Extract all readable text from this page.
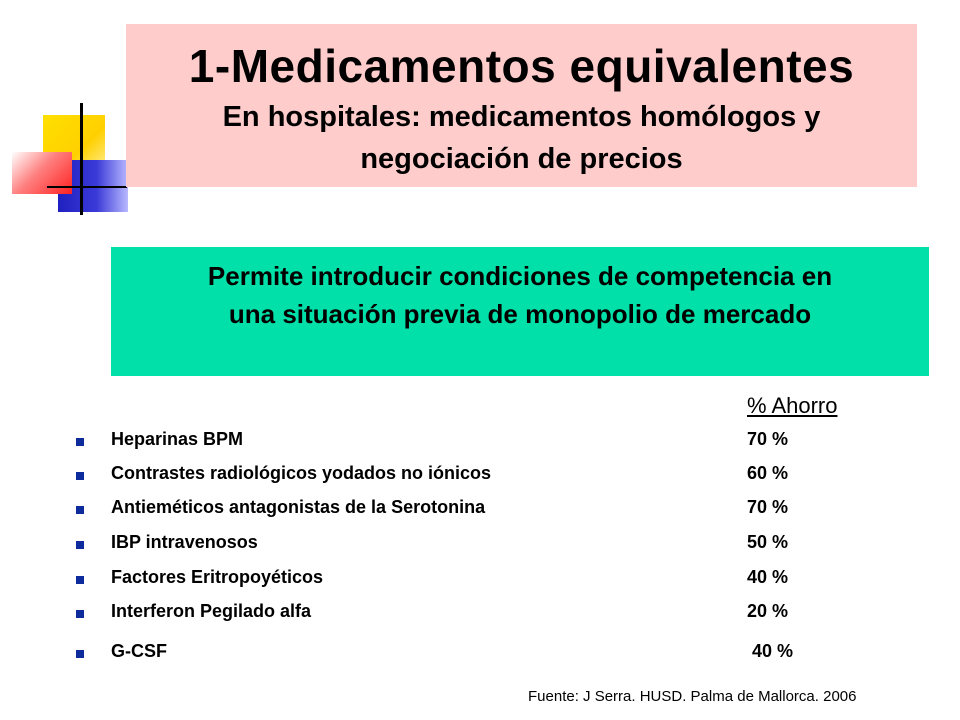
1-Medicamentos equivalentes
En hospitales: medicamentos homólogos y
negociación de precios
Permite introducir condiciones de competencia en
una situación previa de monopolio de mercado
% Ahorro
Heparinas BPM	70 %
Contrastes radiológicos yodados no iónicos	60 %
Antieméticos antagonistas de la Serotonina	70 %
IBP intravenosos	50 %
Factores Eritropoyéticos	40 %
Interferon Pegilado alfa	20 %
G-CSF	40 %
Fuente: J Serra. HUSD. Palma de Mallorca. 2006
